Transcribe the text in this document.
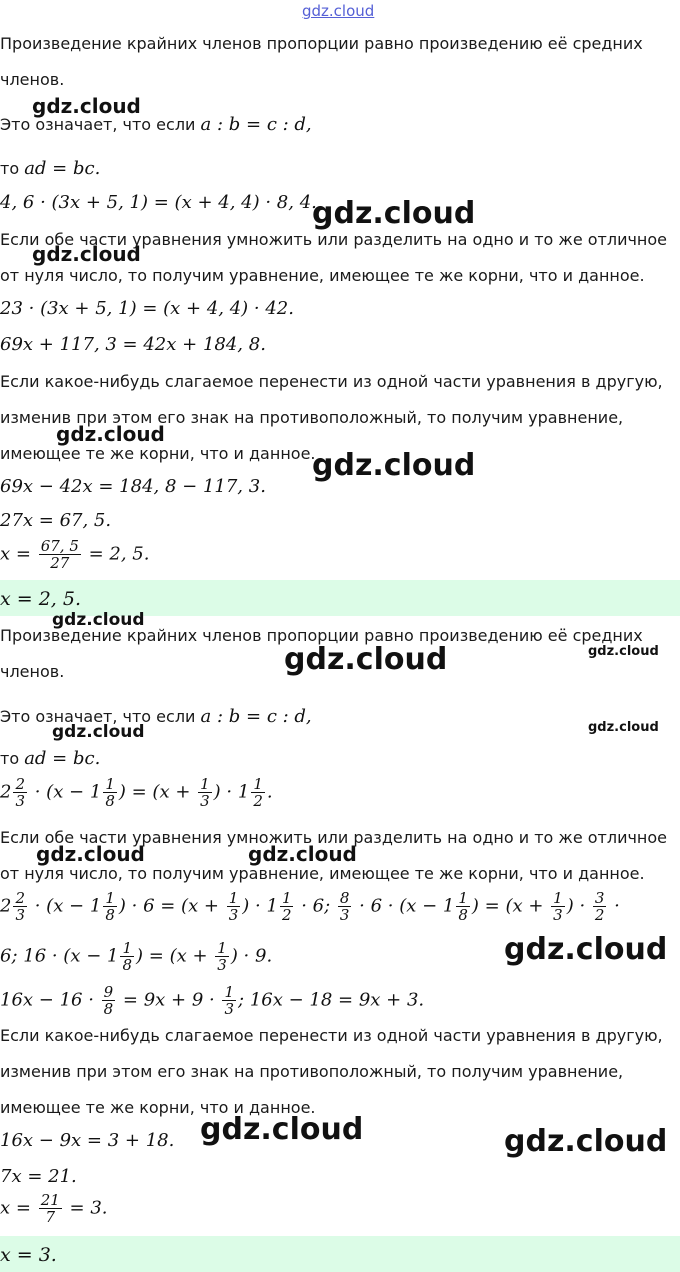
gdz.cloud
Произведение крайних членов пропорции равно произведению её средних
членов.
gdz.cloud
Это означает, что если a : b = c : d,
то ad = bc.
4, 6 · (3x + 5, 1) = (x + 4, 4) · 8, 4.
gdz.cloud
Если обе части уравнения умножить или разделить на одно и то же отличное
gdz.cloud
от нуля число, то получим уравнение, имеющее те же корни, что и данное.
23 · (3x + 5, 1) = (x + 4, 4) · 42.
69x + 117, 3 = 42x + 184, 8.
Если какое-нибудь слагаемое перенести из одной части уравнения в другую,
изменив при этом его знак на противоположный, то получим уравнение,
gdz.cloud
имеющее те же корни, что и данное.
gdz.cloud
69x − 42x = 184, 8 − 117, 3.
27x = 67, 5.
$x = \frac{67, 5}{27} = 2$, 5.
x = 2, 5.
gdz.cloud
Произведение крайних членов пропорции равно произведению её средних
gdz.cloud
gdz.cloud
членов.
Это означает, что если a : b = c : d,
gdz.cloud
gdz.cloud
то ad = bc.
$2 \frac{2}{3} \cdot (x - 1 \frac{1}{8}$ ) = ($x + \frac{1}{3}$ ) · $1 \frac{1}{2}$ .
Если обе части уравнения умножить или разделить на одно и то же отличное
gdz.cloud	gdz.cloud
от нуля число, то получим уравнение, имеющее те же корни, что и данное.
$2 \frac{2}{3} \cdot (x - 1 \frac{1}{8}$ ) · $6 = (x + \frac{1}{3}$ ) · $1 \frac{1}{2} \cdot 6$; $\frac{8}{3} \cdot 6 \cdot (x - 1 \frac{1}{8}$ ) = ($x + \frac{1}{3}$ ) · $\frac{3}{2}$ ·
6; $16 \cdot (x - 1 \frac{1}{8}$ ) = ($x + \frac{1}{3}$ ) · 9.	gdz.cloud
$16x - 16 \cdot \frac{9}{8} = 9x + 9 \cdot \frac{1}{3}$ ; 16x − 18 = 9x + 3.
Если какое-нибудь слагаемое перенести из одной части уравнения в другую,
изменив при этом его знак на противоположный, то получим уравнение,
имеющее те же корни, что и данное.
16x − 9x = 3 + 18. gdz.cloud	gdz.cloud
7x = 21.
$x = \frac{21}{7} = 3$.
x = 3.
